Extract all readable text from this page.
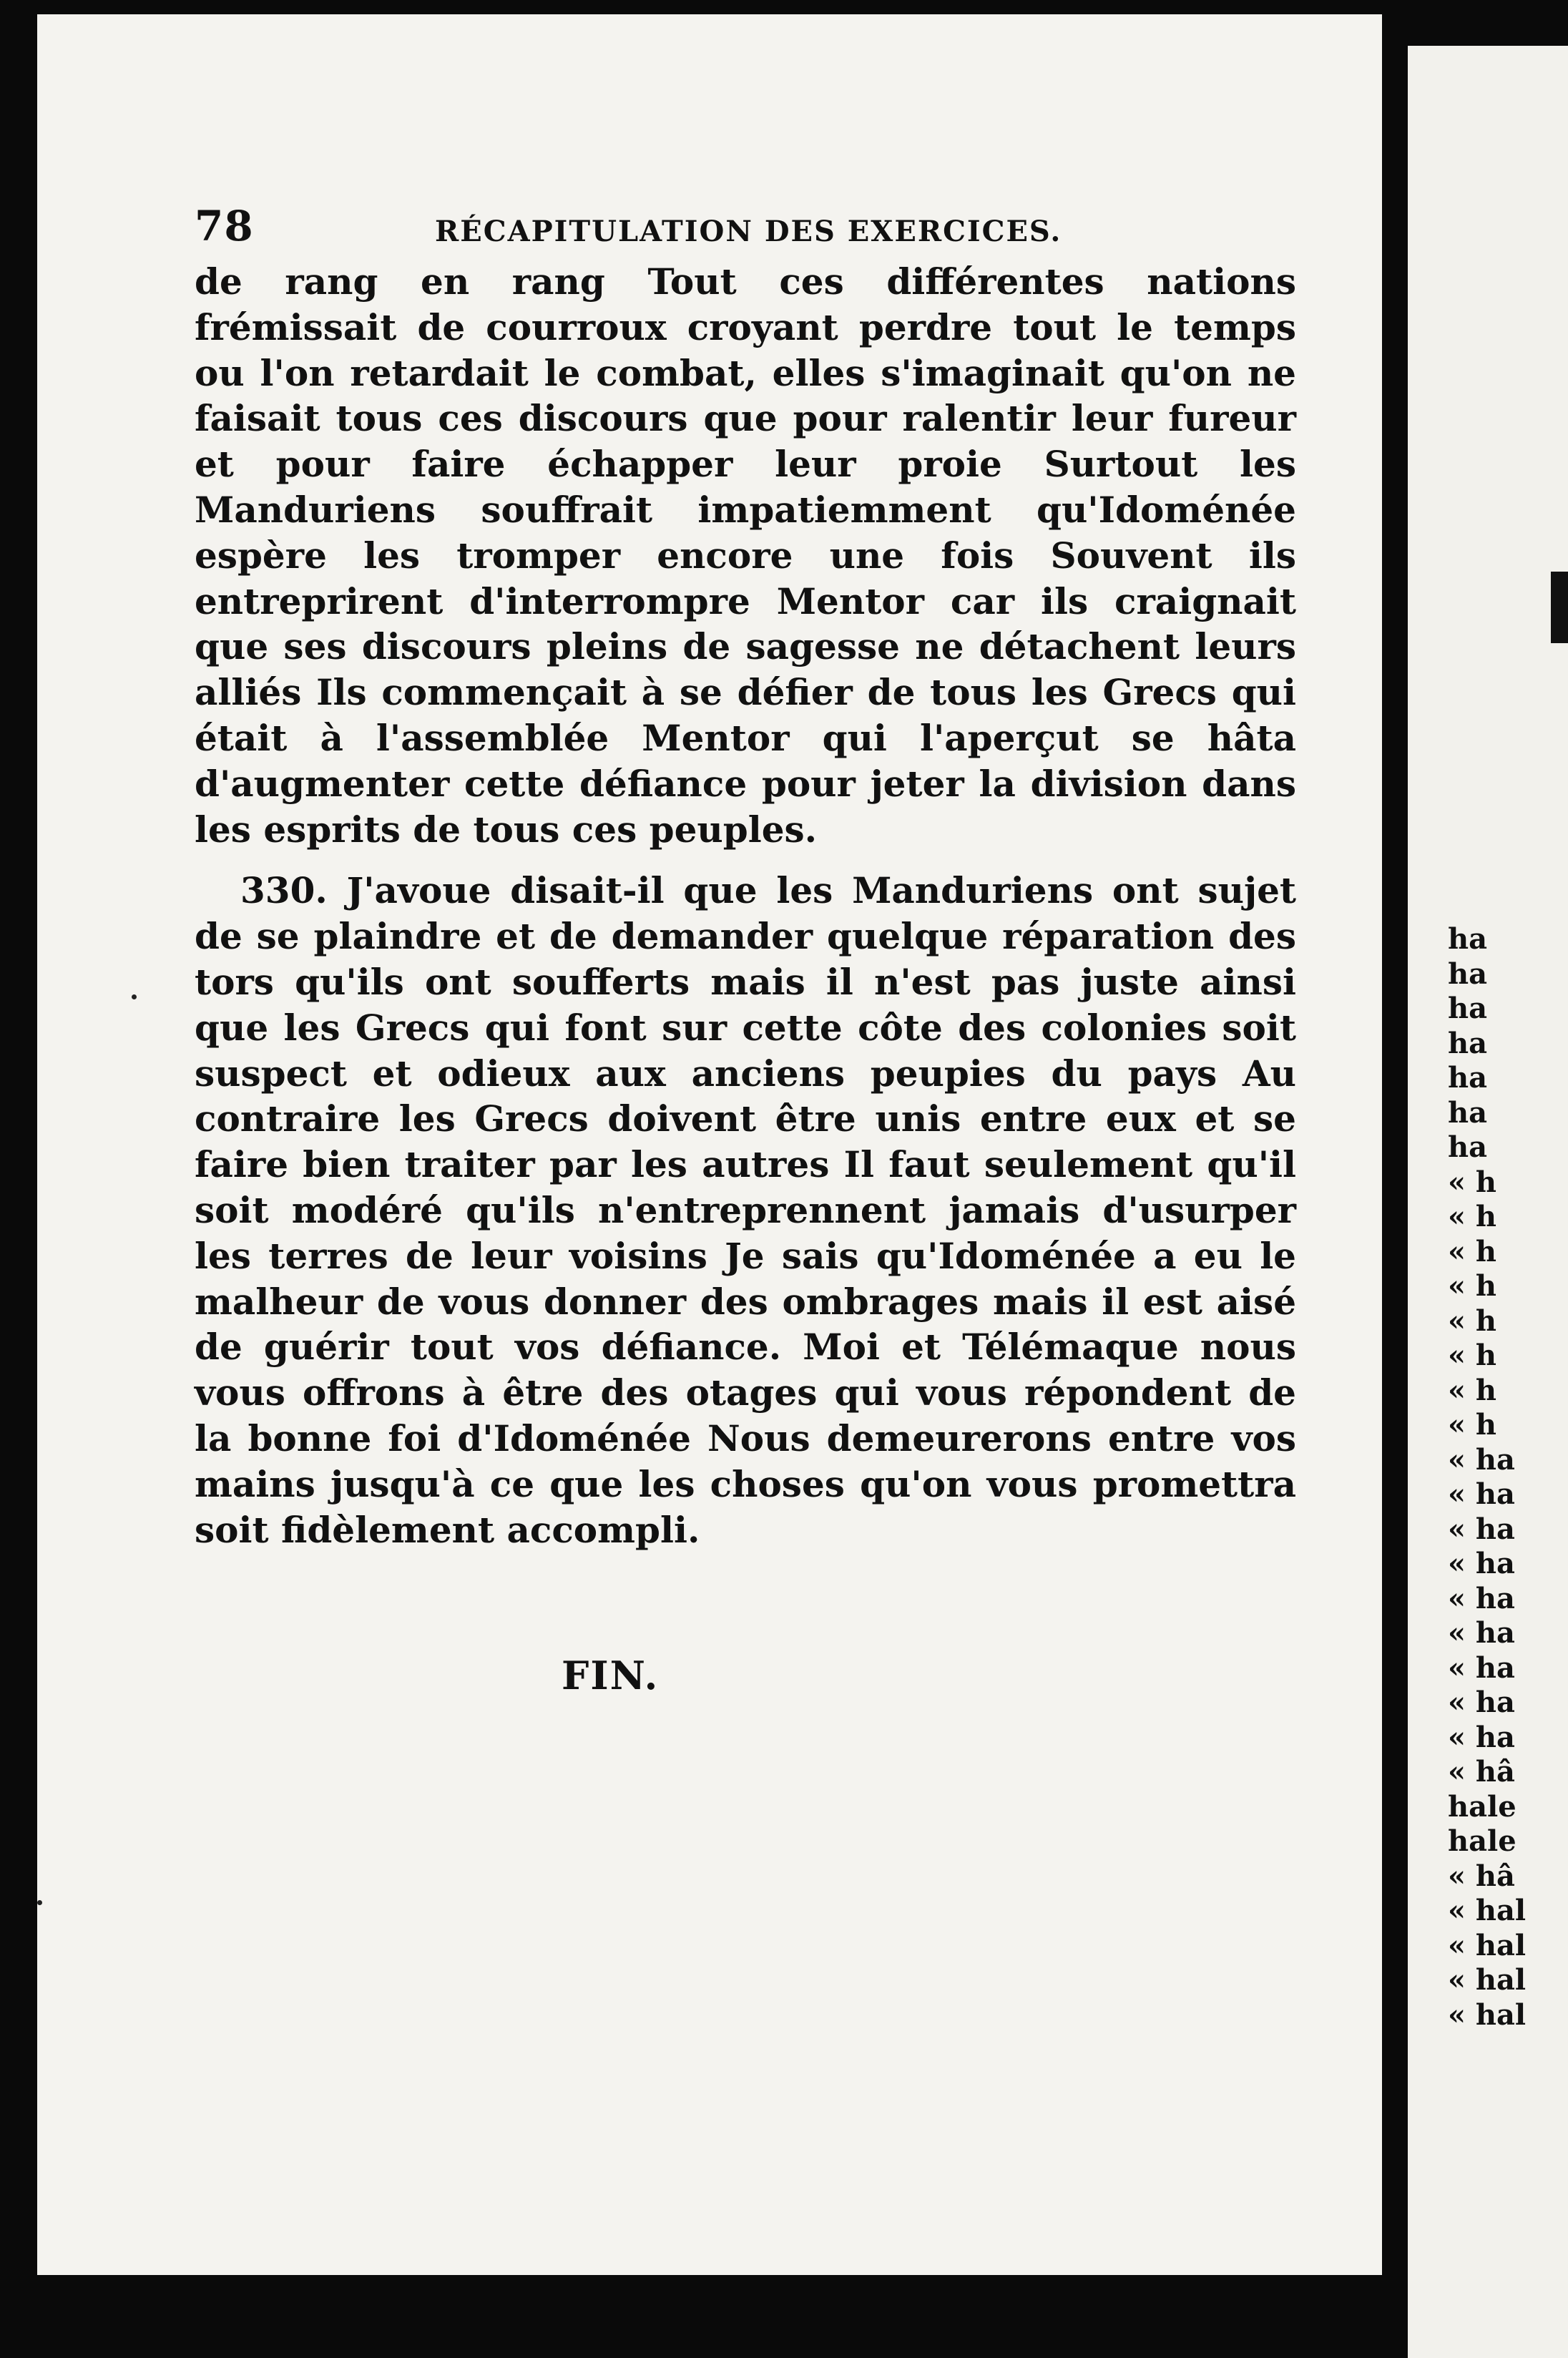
78	RÉCAPITULATION DES EXERCICES.

de rang en rang Tout ces différentes nations frémissait de courroux croyant perdre tout le temps ou l'on retardait le combat, elles s'imaginait qu'on ne faisait tous ces discours que pour ralentir leur fureur et pour faire échapper leur proie Surtout les Manduriens souffrait impatiemment qu'Idoménée espère les tromper encore une fois Souvent ils entreprirent d'interrompre Mentor car ils craignait que ses discours pleins de sagesse ne détachent leurs alliés Ils commençait à se défier de tous les Grecs qui était à l'assemblée Mentor qui l'aperçut se hâta d'augmenter cette défiance pour jeter la division dans les esprits de tous ces peuples.

330. J'avoue disait-il que les Manduriens ont sujet de se plaindre et de demander quelque réparation des tors qu'ils ont soufferts mais il n'est pas juste ainsi que les Grecs qui font sur cette côte des colonies soit suspect et odieux aux anciens peupies du pays Au contraire les Grecs doivent être unis entre eux et se faire bien traiter par les autres Il faut seulement qu'il soit modéré qu'ils n'entreprennent jamais d'usurper les terres de leur voisins Je sais qu'Idoménée a eu le malheur de vous donner des ombrages mais il est aisé de guérir tout vos défiance. Moi et Télémaque nous vous offrons à être des otages qui vous répondent de la bonne foi d'Idoménée Nous demeurerons entre vos mains jusqu'à ce que les choses qu'on vous promettra soit fidèlement accompli.

FIN.
ha
ha
ha
ha
ha
ha
ha
« h
« h
« h
« h
« h
« h
« h
« h
« ha
« ha
« ha
« ha
« ha
« ha
« ha
« ha
« ha
« hâ
hale
hale
« hâ
« hal
« hal
« hal
« hal
